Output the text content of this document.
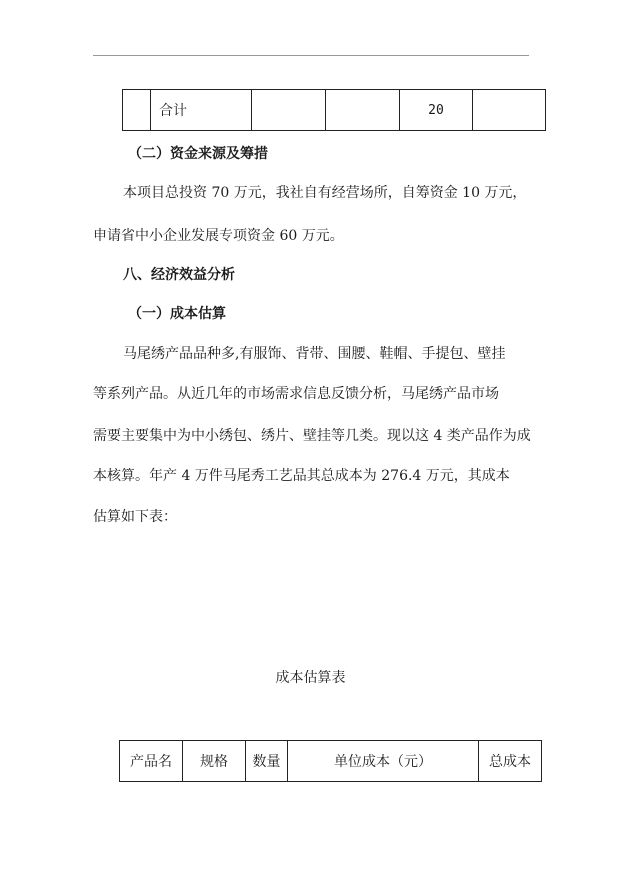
	合计			20	
（二）资金来源及筹措
本项目总投资 70 万元，我社自有经营场所，自筹资金 10 万元，
申请省中小企业发展专项资金 60 万元。
八、经济效益分析
（一）成本估算
马尾绣产品品种多,有服饰、背带、围腰、鞋帽、手提包、壁挂
等系列产品。从近几年的市场需求信息反馈分析，马尾绣产品市场
需要主要集中为中小绣包、绣片、壁挂等几类。现以这 4 类产品作为成
本核算。年产 4 万件马尾秀工艺品其总成本为 276.4 万元，其成本
估算如下表：
成本估算表
产品名	规格	数量	单位成本（元）	总成本
